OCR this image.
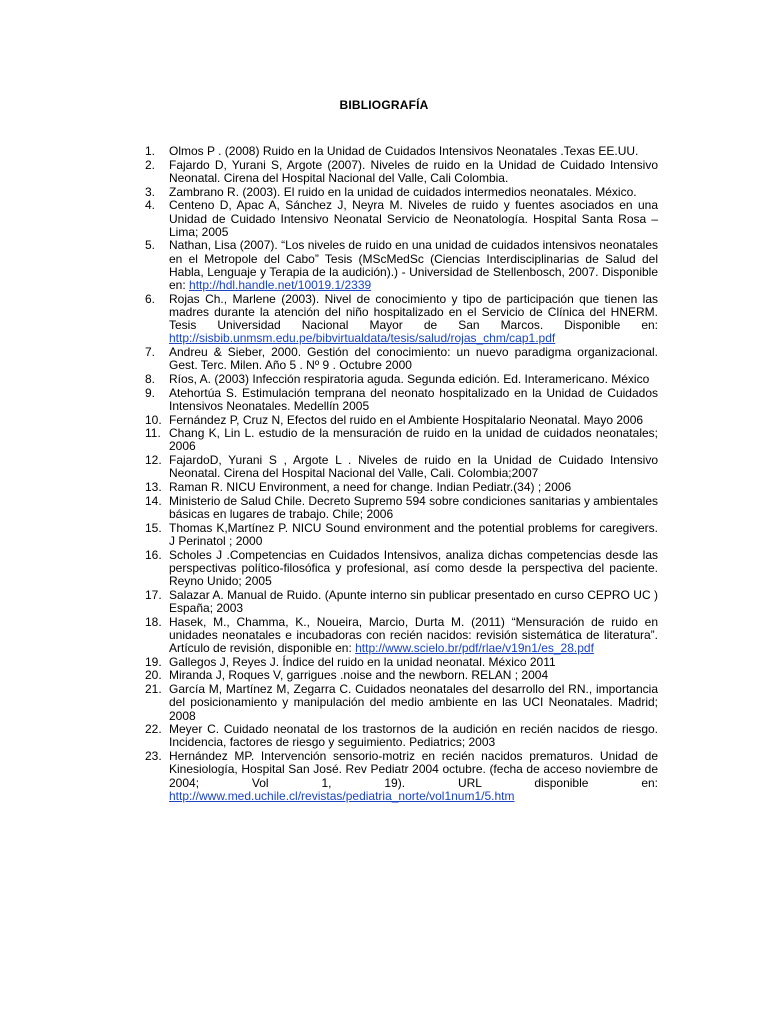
BIBLIOGRAFÍA
1.	Olmos P . (2008) Ruido en la Unidad de Cuidados Intensivos Neonatales .Texas EE.UU.
2.	Fajardo D, Yurani S, Argote (2007). Niveles de ruido en la Unidad de Cuidado Intensivo Neonatal. Cirena del Hospital Nacional del Valle, Cali Colombia.
3.	Zambrano R. (2003). El ruido en la unidad de cuidados intermedios neonatales. México.
4.	Centeno D, Apac A, Sánchez J, Neyra M. Niveles de ruido y fuentes asociados en una Unidad de Cuidado Intensivo Neonatal Servicio de Neonatología. Hospital Santa Rosa – Lima; 2005
5.	Nathan, Lisa (2007). “Los niveles de ruido en una unidad de cuidados intensivos neonatales en el Metropole del Cabo” Tesis (MScMedSc (Ciencias Interdisciplinarias de Salud del Habla, Lenguaje y Terapia de la audición).) - Universidad de Stellenbosch, 2007. Disponible en: http://hdl.handle.net/10019.1/2339
6.	Rojas Ch., Marlene (2003). Nivel de conocimiento y tipo de participación que tienen las madres durante la atención del niño hospitalizado en el Servicio de Clínica del HNERM. Tesis Universidad Nacional Mayor de San Marcos. Disponible en: http://sisbib.unmsm.edu.pe/bibvirtualdata/tesis/salud/rojas_chm/cap1.pdf
7.	Andreu & Sieber, 2000. Gestión del conocimiento: un nuevo paradigma organizacional. Gest. Terc. Milen. Año 5 . Nº 9 . Octubre 2000
8.	Ríos, A. (2003) Infección respiratoria aguda. Segunda edición. Ed. Interamericano. México
9.	Atehortúa S. Estimulación temprana del neonato hospitalizado en la Unidad de Cuidados Intensivos Neonatales. Medellín 2005
10. Fernández P, Cruz N, Efectos del ruido en el Ambiente Hospitalario Neonatal. Mayo 2006
11. Chang K, Lin L. estudio de la mensuración de ruido en la unidad de cuidados neonatales; 2006
12. FajardoD, Yurani S , Argote L . Niveles de ruido en la Unidad de Cuidado Intensivo Neonatal. Cirena del Hospital Nacional del Valle, Cali. Colombia;2007
13. Raman R. NICU Environment, a need for change. Indian Pediatr.(34) ; 2006
14. Ministerio de Salud Chile. Decreto Supremo 594 sobre condiciones sanitarias y ambientales básicas en lugares de trabajo. Chile; 2006
15. Thomas K,Martínez P. NICU Sound environment and the potential problems for caregivers. J Perinatol ; 2000
16. Scholes J .Competencias en Cuidados Intensivos, analiza dichas competencias desde las perspectivas político-filosófica y profesional, así como desde la perspectiva del paciente. Reyno Unido; 2005
17. Salazar A. Manual de Ruido. (Apunte interno sin publicar presentado en curso CEPRO UC ) España; 2003
18. Hasek, M., Chamma, K., Noueira, Marcio, Durta M. (2011) “Mensuración de ruido en unidades neonatales e incubadoras con recién nacidos: revisión sistemática de literatura”. Artículo de revisión, disponible en: http://www.scielo.br/pdf/rlae/v19n1/es_28.pdf
19. Gallegos J, Reyes J. Índice del ruido en la unidad neonatal. México 2011
20. Miranda J, Roques V, garrigues .noise and the newborn. RELAN ; 2004
21. García M, Martínez M, Zegarra C. Cuidados neonatales del desarrollo del RN., importancia del posicionamiento y manipulación del medio ambiente en las UCI Neonatales. Madrid; 2008
22. Meyer C. Cuidado neonatal de los trastornos de la audición en recién nacidos de riesgo. Incidencia, factores de riesgo y seguimiento. Pediatrics; 2003
23. Hernández MP. Intervención sensorio-motriz en recién nacidos prematuros. Unidad de Kinesiología, Hospital San José. Rev Pediatr 2004 octubre. (fecha de acceso noviembre de 2004; Vol 1, 19). URL disponible en: http://www.med.uchile.cl/revistas/pediatria_norte/vol1num1/5.htm
